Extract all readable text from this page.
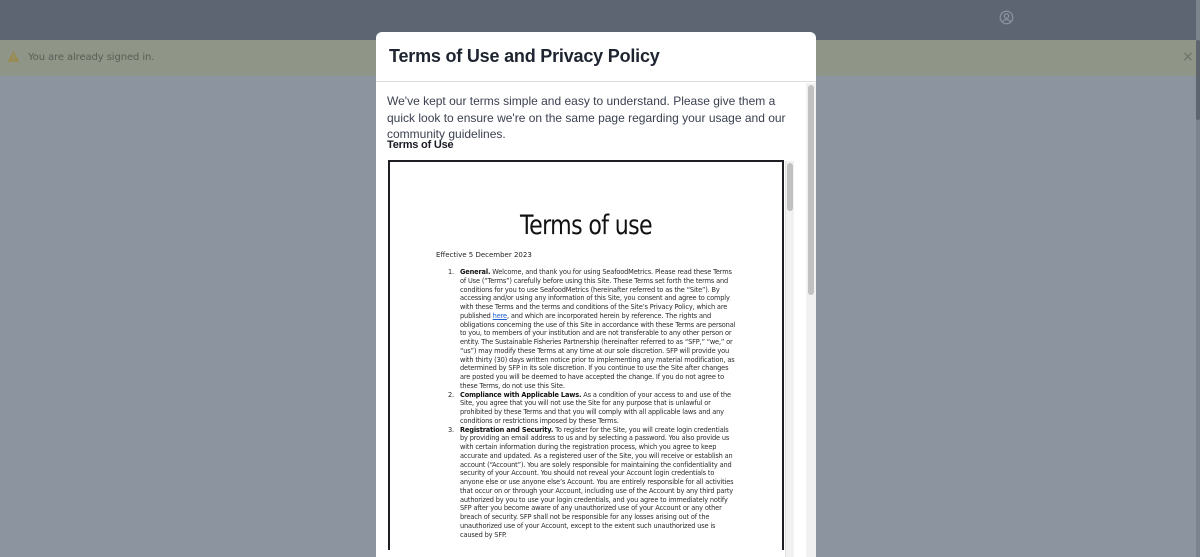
You are already signed in.	×
Terms of Use and Privacy Policy

We've kept our terms simple and easy to understand. Please give them a quick look to ensure we're on the same page regarding your usage and our community guidelines.

Terms of Use
Terms of use
Effective 5 December 2023
1. General. Welcome, and thank you for using SeafoodMetrics. Please read these Terms of Use (“Terms”) carefully before using this Site. These Terms set forth the terms and conditions for you to use SeafoodMetrics (hereinafter referred to as the “Site”). By accessing and/or using any information of this Site, you consent and agree to comply with these Terms and the terms and conditions of the Site’s Privacy Policy, which are published here, and which are incorporated herein by reference. The rights and obligations concerning the use of this Site in accordance with these Terms are personal to you, to members of your institution and are not transferable to any other person or entity. The Sustainable Fisheries Partnership (hereinafter referred to as “SFP,” “we,” or “us”) may modify these Terms at any time at our sole discretion. SFP will provide you with thirty (30) days written notice prior to implementing any material modification, as determined by SFP in its sole discretion. If you continue to use the Site after changes are posted you will be deemed to have accepted the change. If you do not agree to these Terms, do not use this Site.
2. Compliance with Applicable Laws. As a condition of your access to and use of the Site, you agree that you will not use the Site for any purpose that is unlawful or prohibited by these Terms and that you will comply with all applicable laws and any conditions or restrictions imposed by these Terms.
3. Registration and Security. To register for the Site, you will create login credentials by providing an email address to us and by selecting a password. You also provide us with certain information during the registration process, which you agree to keep accurate and updated. As a registered user of the Site, you will receive or establish an account (“Account”). You are solely responsible for maintaining the confidentiality and security of your Account. You should not reveal your Account login credentials to anyone else or use anyone else’s Account. You are entirely responsible for all activities that occur on or through your Account, including use of the Account by any third party authorized by you to use your login credentials, and you agree to immediately notify SFP after you become aware of any unauthorized use of your Account or any other breach of security. SFP shall not be responsible for any losses arising out of the unauthorized use of your Account, except to the extent such unauthorized use is caused by SFP.
